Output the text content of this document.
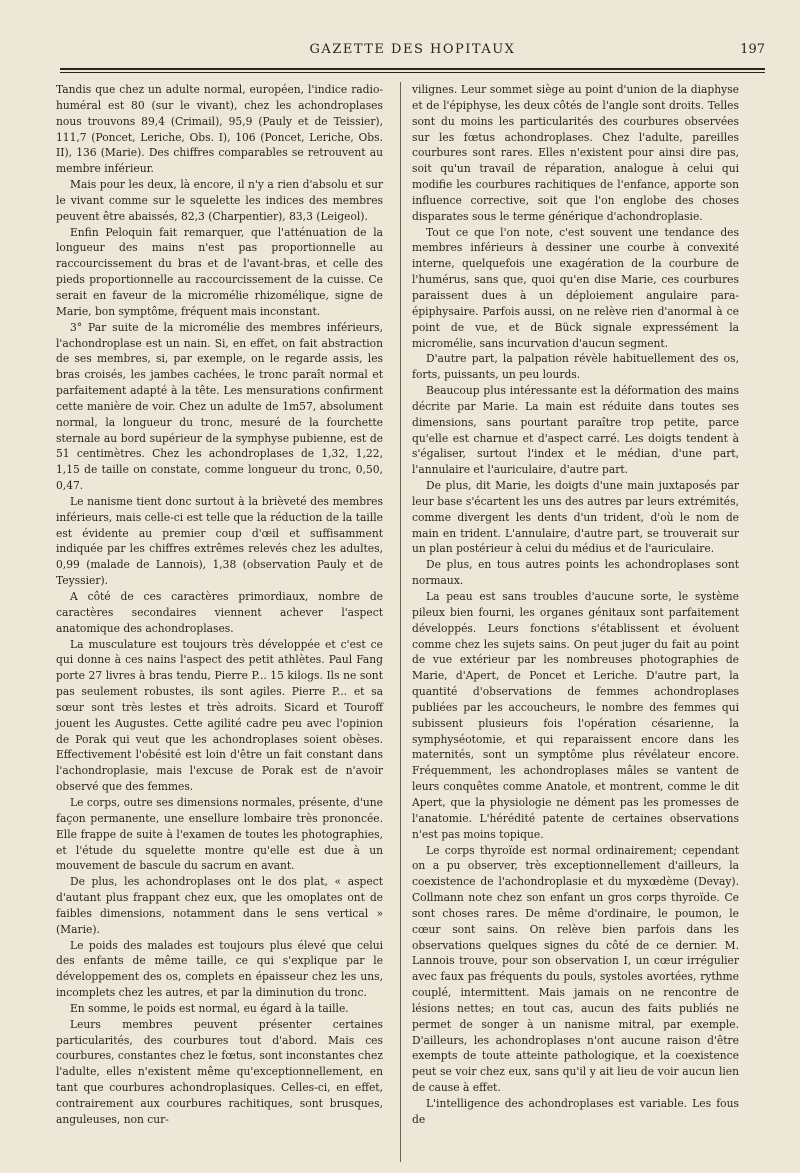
GAZETTE DES HOPITAUX	197

Tandis que chez un adulte normal, européen, l'indice radio-huméral est 80 (sur le vivant), chez les achondroplases nous trouvons 89,4 (Crimail), 95,9 (Pauly et de Teissier), 111,7 (Poncet, Leriche, Obs. I), 106 (Poncet, Leriche, Obs. II), 136 (Marie). Des chiffres comparables se retrouvent au membre inférieur.

Mais pour les deux, là encore, il n'y a rien d'absolu et sur le vivant comme sur le squelette les indices des membres peuvent être abaissés, 82,3 (Charpentier), 83,3 (Leigeol).

Enfin Peloquin fait remarquer, que l'atténuation de la longueur des mains n'est pas proportionnelle au raccourcissement du bras et de l'avant-bras, et celle des pieds proportionnelle au raccourcissement de la cuisse. Ce serait en faveur de la micromélie rhizomélique, signe de Marie, bon symptôme, fréquent mais inconstant.

3° Par suite de la micromélie des membres inférieurs, l'achondroplase est un nain. Si, en effet, on fait abstraction de ses membres, si, par exemple, on le regarde assis, les bras croisés, les jambes cachées, le tronc paraît normal et parfaitement adapté à la tête. Les mensurations confirment cette manière de voir. Chez un adulte de 1m57, absolument normal, la longueur du tronc, mesuré de la fourchette sternale au bord supérieur de la symphyse pubienne, est de 51 centimètres. Chez les achondroplases de 1,32, 1,22, 1,15 de taille on constate, comme longueur du tronc, 0,50, 0,47.

Le nanisme tient donc surtout à la brièveté des membres inférieurs, mais celle-ci est telle que la réduction de la taille est évidente au premier coup d'œil et suffisamment indiquée par les chiffres extrêmes relevés chez les adultes, 0,99 (malade de Lannois), 1,38 (observation Pauly et de Teyssier).

A côté de ces caractères primordiaux, nombre de caractères secondaires viennent achever l'aspect anatomique des achondroplases.

La musculature est toujours très développée et c'est ce qui donne à ces nains l'aspect des petit athlètes. Paul Fang porte 27 livres à bras tendu, Pierre P... 15 kilogs. Ils ne sont pas seulement robustes, ils sont agiles. Pierre P... et sa sœur sont très lestes et très adroits. Sicard et Touroff jouent les Augustes. Cette agilité cadre peu avec l'opinion de Porak qui veut que les achondroplases soient obèses. Effectivement l'obésité est loin d'être un fait constant dans l'achondroplasie, mais l'excuse de Porak est de n'avoir observé que des femmes.

Le corps, outre ses dimensions normales, présente, d'une façon permanente, une ensellure lombaire très prononcée. Elle frappe de suite à l'examen de toutes les photographies, et l'étude du squelette montre qu'elle est due à un mouvement de bascule du sacrum en avant.

De plus, les achondroplases ont le dos plat, « aspect d'autant plus frappant chez eux, que les omoplates ont de faibles dimensions, notamment dans le sens vertical » (Marie).

Le poids des malades est toujours plus élevé que celui des enfants de même taille, ce qui s'explique par le développement des os, complets en épaisseur chez les uns, incomplets chez les autres, et par la diminution du tronc.

En somme, le poids est normal, eu égard à la taille.

Leurs membres peuvent présenter certaines particularités, des courbures tout d'abord. Mais ces courbures, constantes chez le fœtus, sont inconstantes chez l'adulte, elles n'existent même qu'exceptionnellement, en tant que courbures achondroplasiques. Celles-ci, en effet, contrairement aux courbures rachitiques, sont brusques, anguleuses, non cur-

vilignes. Leur sommet siège au point d'union de la diaphyse et de l'épiphyse, les deux côtés de l'angle sont droits. Telles sont du moins les particularités des courbures observées sur les fœtus achondroplases. Chez l'adulte, pareilles courbures sont rares. Elles n'existent pour ainsi dire pas, soit qu'un travail de réparation, analogue à celui qui modifie les courbures rachitiques de l'enfance, apporte son influence corrective, soit que l'on englobe des choses disparates sous le terme générique d'achondroplasie.

Tout ce que l'on note, c'est souvent une tendance des membres inférieurs à dessiner une courbe à convexité interne, quelquefois une exagération de la courbure de l'humérus, sans que, quoi qu'en dise Marie, ces courbures paraissent dues à un déploiement angulaire para-épiphysaire. Parfois aussi, on ne relève rien d'anormal à ce point de vue, et de Bück signale expressément la micromélie, sans incurvation d'aucun segment.

D'autre part, la palpation révèle habituellement des os, forts, puissants, un peu lourds.

Beaucoup plus intéressante est la déformation des mains décrite par Marie. La main est réduite dans toutes ses dimensions, sans pourtant paraître trop petite, parce qu'elle est charnue et d'aspect carré. Les doigts tendent à s'égaliser, surtout l'index et le médian, d'une part, l'annulaire et l'auriculaire, d'autre part.

De plus, dit Marie, les doigts d'une main juxtaposés par leur base s'écartent les uns des autres par leurs extrémités, comme divergent les dents d'un trident, d'où le nom de main en trident. L'annulaire, d'autre part, se trouverait sur un plan postérieur à celui du médius et de l'auriculaire.

De plus, en tous autres points les achondroplases sont normaux.

La peau est sans troubles d'aucune sorte, le système pileux bien fourni, les organes génitaux sont parfaitement développés. Leurs fonctions s'établissent et évoluent comme chez les sujets sains. On peut juger du fait au point de vue extérieur par les nombreuses photographies de Marie, d'Apert, de Poncet et Leriche. D'autre part, la quantité d'observations de femmes achondroplases publiées par les accoucheurs, le nombre des femmes qui subissent plusieurs fois l'opération césarienne, la symphyséotomie, et qui reparaissent encore dans les maternités, sont un symptôme plus révélateur encore. Fréquemment, les achondroplases mâles se vantent de leurs conquêtes comme Anatole, et montrent, comme le dit Apert, que la physiologie ne dément pas les promesses de l'anatomie. L'hérédité patente de certaines observations n'est pas moins topique.

Le corps thyroïde est normal ordinairement; cependant on a pu observer, très exceptionnellement d'ailleurs, la coexistence de l'achondroplasie et du myxœdème (Devay). Collmann note chez son enfant un gros corps thyroïde. Ce sont choses rares. De même d'ordinaire, le poumon, le cœur sont sains. On relève bien parfois dans les observations quelques signes du côté de ce dernier. M. Lannois trouve, pour son observation I, un cœur irrégulier avec faux pas fréquents du pouls, systoles avortées, rythme couplé, intermittent. Mais jamais on ne rencontre de lésions nettes; en tout cas, aucun des faits publiés ne permet de songer à un nanisme mitral, par exemple. D'ailleurs, les achondroplases n'ont aucune raison d'être exempts de toute atteinte pathologique, et la coexistence peut se voir chez eux, sans qu'il y ait lieu de voir aucun lien de cause à effet.

L'intelligence des achondroplases est variable. Les fous de
